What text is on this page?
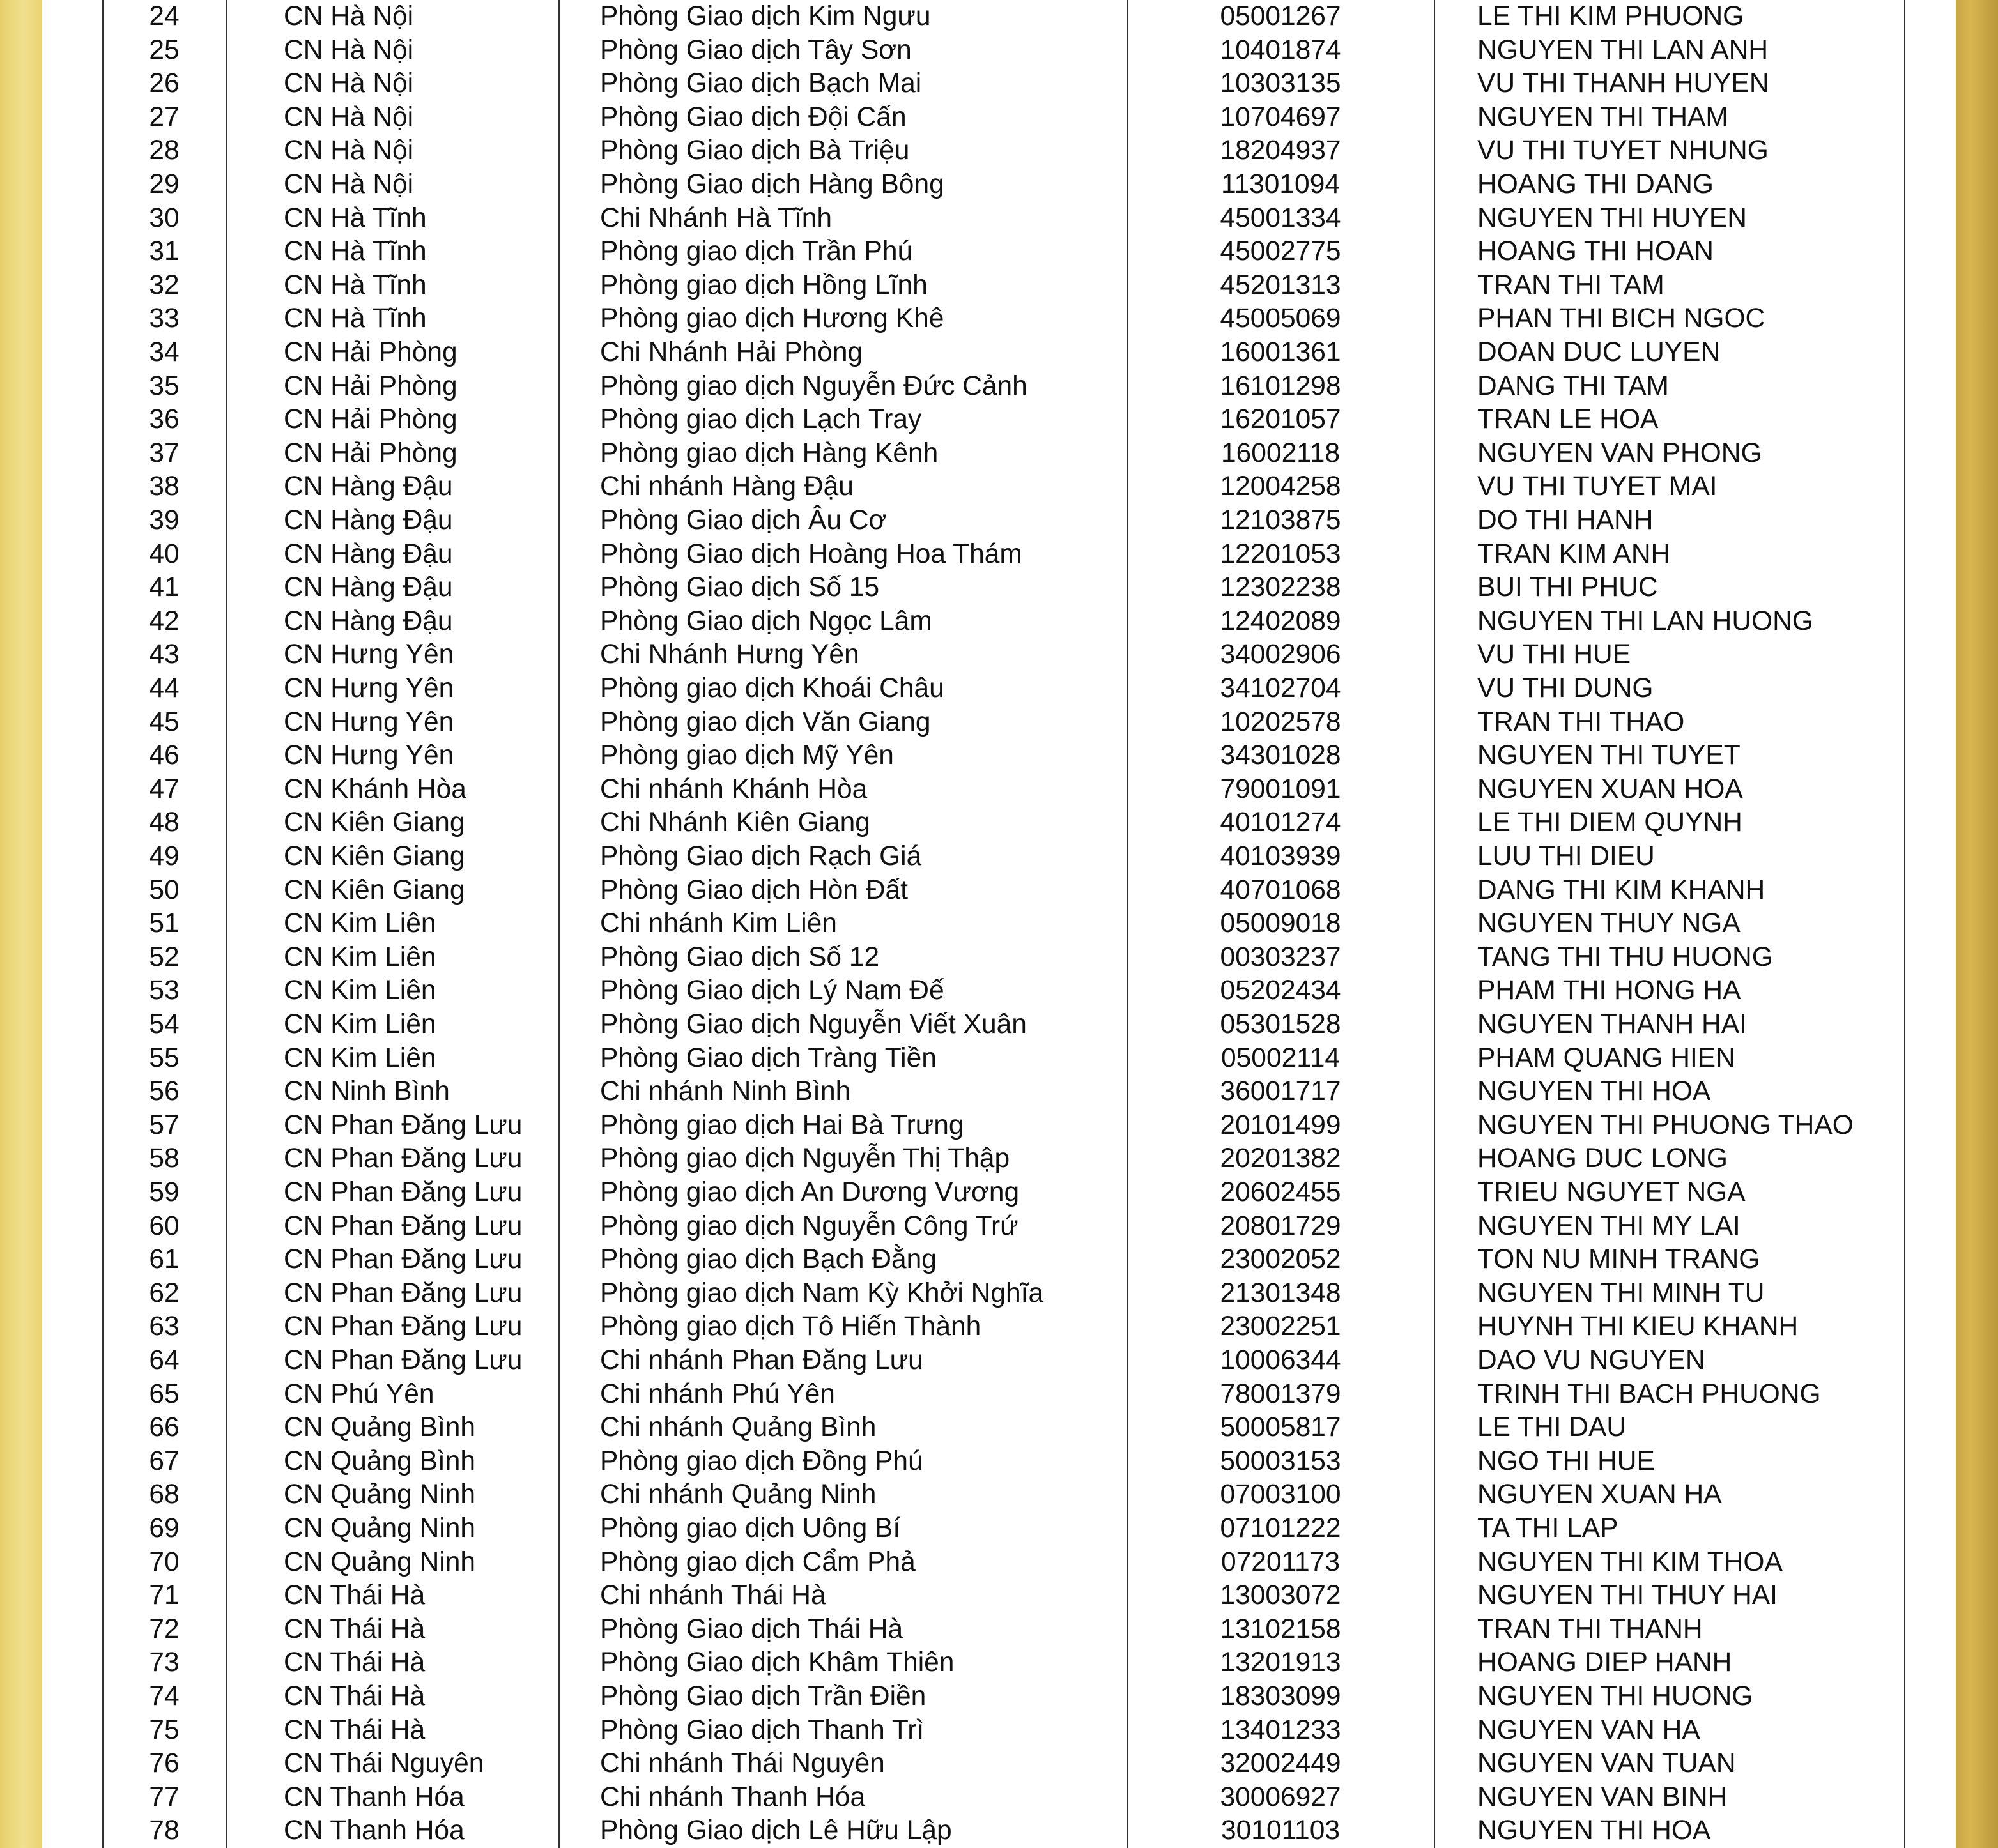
24	CN Hà Nội	Phòng Giao dịch Kim Ngưu	05001267	LE THI KIM PHUONG
25	CN Hà Nội	Phòng Giao dịch Tây Sơn	10401874	NGUYEN THI LAN ANH
26	CN Hà Nội	Phòng Giao dịch Bạch Mai	10303135	VU THI THANH HUYEN
27	CN Hà Nội	Phòng Giao dịch Đội Cấn	10704697	NGUYEN THI THAM
28	CN Hà Nội	Phòng Giao dịch Bà Triệu	18204937	VU THI TUYET NHUNG
29	CN Hà Nội	Phòng Giao dịch Hàng Bông	11301094	HOANG THI DANG
30	CN Hà Tĩnh	Chi Nhánh Hà Tĩnh	45001334	NGUYEN THI HUYEN
31	CN Hà Tĩnh	Phòng giao dịch Trần Phú	45002775	HOANG THI HOAN
32	CN Hà Tĩnh	Phòng giao dịch Hồng Lĩnh	45201313	TRAN THI TAM
33	CN Hà Tĩnh	Phòng giao dịch Hương Khê	45005069	PHAN THI BICH NGOC
34	CN Hải Phòng	Chi Nhánh Hải Phòng	16001361	DOAN DUC LUYEN
35	CN Hải Phòng	Phòng giao dịch Nguyễn Đức Cảnh	16101298	DANG THI TAM
36	CN Hải Phòng	Phòng giao dịch Lạch Tray	16201057	TRAN LE HOA
37	CN Hải Phòng	Phòng giao dịch Hàng Kênh	16002118	NGUYEN VAN PHONG
38	CN Hàng Đậu	Chi nhánh Hàng Đậu	12004258	VU THI TUYET MAI
39	CN Hàng Đậu	Phòng Giao dịch Âu Cơ	12103875	DO THI HANH
40	CN Hàng Đậu	Phòng Giao dịch Hoàng Hoa Thám	12201053	TRAN KIM ANH
41	CN Hàng Đậu	Phòng Giao dịch Số 15	12302238	BUI THI PHUC
42	CN Hàng Đậu	Phòng Giao dịch Ngọc Lâm	12402089	NGUYEN THI LAN HUONG
43	CN Hưng Yên	Chi Nhánh Hưng Yên	34002906	VU THI HUE
44	CN Hưng Yên	Phòng giao dịch Khoái Châu	34102704	VU THI DUNG
45	CN Hưng Yên	Phòng giao dịch Văn Giang	10202578	TRAN THI THAO
46	CN Hưng Yên	Phòng giao dịch Mỹ Yên	34301028	NGUYEN THI TUYET
47	CN Khánh Hòa	Chi nhánh Khánh Hòa	79001091	NGUYEN XUAN HOA
48	CN Kiên Giang	Chi Nhánh Kiên Giang	40101274	LE THI DIEM QUYNH
49	CN Kiên Giang	Phòng Giao dịch Rạch Giá	40103939	LUU THI DIEU
50	CN Kiên Giang	Phòng Giao dịch Hòn Đất	40701068	DANG THI KIM KHANH
51	CN Kim Liên	Chi nhánh Kim Liên	05009018	NGUYEN THUY NGA
52	CN Kim Liên	Phòng Giao dịch Số 12	00303237	TANG THI THU HUONG
53	CN Kim Liên	Phòng Giao dịch Lý Nam Đế	05202434	PHAM THI HONG HA
54	CN Kim Liên	Phòng Giao dịch Nguyễn Viết Xuân	05301528	NGUYEN THANH HAI
55	CN Kim Liên	Phòng Giao dịch Tràng Tiền	05002114	PHAM QUANG HIEN
56	CN Ninh Bình	Chi nhánh Ninh Bình	36001717	NGUYEN THI HOA
57	CN Phan Đăng Lưu	Phòng giao dịch Hai Bà Trưng	20101499	NGUYEN THI PHUONG THAO
58	CN Phan Đăng Lưu	Phòng giao dịch Nguyễn Thị Thập	20201382	HOANG DUC LONG
59	CN Phan Đăng Lưu	Phòng giao dịch An Dương Vương	20602455	TRIEU NGUYET NGA
60	CN Phan Đăng Lưu	Phòng giao dịch Nguyễn Công Trứ	20801729	NGUYEN THI MY LAI
61	CN Phan Đăng Lưu	Phòng giao dịch Bạch Đằng	23002052	TON NU MINH TRANG
62	CN Phan Đăng Lưu	Phòng giao dịch Nam Kỳ Khởi Nghĩa	21301348	NGUYEN THI MINH TU
63	CN Phan Đăng Lưu	Phòng giao dịch Tô Hiến Thành	23002251	HUYNH THI KIEU KHANH
64	CN Phan Đăng Lưu	Chi nhánh Phan Đăng Lưu	10006344	DAO VU NGUYEN
65	CN Phú Yên	Chi nhánh Phú Yên	78001379	TRINH THI BACH PHUONG
66	CN Quảng Bình	Chi nhánh Quảng Bình	50005817	LE THI DAU
67	CN Quảng Bình	Phòng giao dịch Đồng Phú	50003153	NGO THI HUE
68	CN Quảng Ninh	Chi nhánh Quảng Ninh	07003100	NGUYEN XUAN HA
69	CN Quảng Ninh	Phòng giao dịch Uông Bí	07101222	TA THI LAP
70	CN Quảng Ninh	Phòng giao dịch Cẩm Phả	07201173	NGUYEN THI KIM THOA
71	CN Thái Hà	Chi nhánh Thái Hà	13003072	NGUYEN THI THUY HAI
72	CN Thái Hà	Phòng Giao dịch Thái Hà	13102158	TRAN THI THANH
73	CN Thái Hà	Phòng Giao dịch Khâm Thiên	13201913	HOANG DIEP HANH
74	CN Thái Hà	Phòng Giao dịch Trần Điền	18303099	NGUYEN THI HUONG
75	CN Thái Hà	Phòng Giao dịch Thanh Trì	13401233	NGUYEN VAN HA
76	CN Thái Nguyên	Chi nhánh Thái Nguyên	32002449	NGUYEN VAN TUAN
77	CN Thanh Hóa	Chi nhánh Thanh Hóa	30006927	NGUYEN VAN BINH
78	CN Thanh Hóa	Phòng Giao dịch Lê Hữu Lập	30101103	NGUYEN THI HOA
